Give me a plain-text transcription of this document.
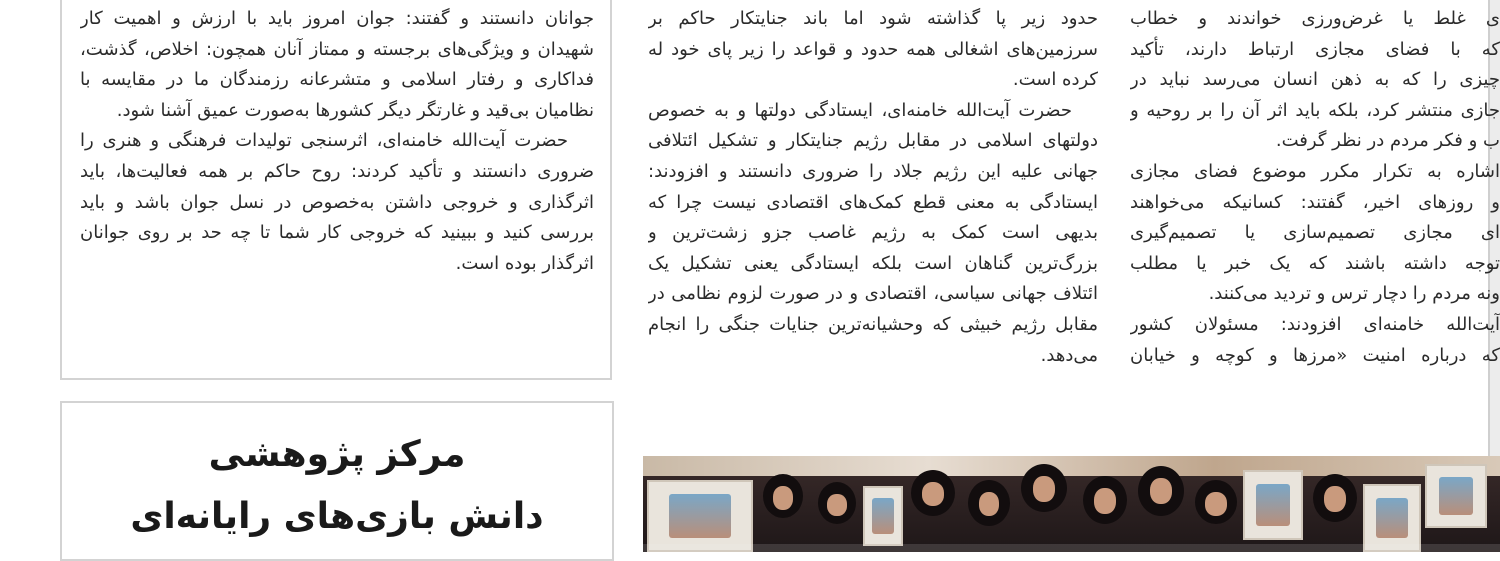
جوانان دانستند و گفتند: جوان امروز باید با ارزش و اهمیت کار شهیدان و ویژگی‌های برجسته و ممتاز آنان همچون: اخلاص، گذشت، فداکاری و رفتار اسلامی و متشرعانه رزمندگان ما در مقایسه با نظامیان بی‌قید و غارتگر دیگر کشورها به‌صورت عمیق آشنا شود.

حضرت آیت‌الله خامنه‌ای، اثرسنجی تولیدات فرهنگی و هنری را ضروری دانستند و تأکید کردند: روح حاکم بر همه فعالیت‌ها، باید اثرگذاری و خروجی داشتن به‌خصوص در نسل جوان باشد و باید بررسی کنید و ببینید که خروجی کار شما تا چه حد بر روی جوانان اثرگذار بوده است.

حدود زیر پا گذاشته شود اما باند جنایتکار حاکم بر سرزمین‌های اشغالی همه حدود و قواعد را زیر پای خود له کرده است.

حضرت آیت‌الله خامنه‌ای، ایستادگی دولتها و به خصوص دولتهای اسلامی در مقابل رژیم جنایتکار و تشکیل ائتلافی جهانی علیه این رژیم جلاد را ضروری دانستند و افزودند: ایستادگی به معنی قطع کمک‌های اقتصادی نیست چرا که بدیهی است کمک به رژیم غاصب جزو زشت‌ترین و بزرگ‌ترین گناهان است بلکه ایستادگی یعنی تشکیل یک ائتلاف جهانی سیاسی، اقتصادی و در صورت لزوم نظامی در مقابل رژیم خبیثی که وحشیانه‌ترین جنایات جنگی را انجام می‌دهد.

ی غلط یا غرض‌ورزی خواندند و خطاب

که با فضای مجازی ارتباط دارند، تأکید

چیزی را که به ذهن انسان می‌رسد نباید در

جازی منتشر کرد، بلکه باید اثر آن را بر روحیه و

ب و فکر مردم در نظر گرفت.

اشاره به تکرار مکرر موضوع فضای مجازی

و روزهای اخیر، گفتند: کسانیکه می‌خواهند

ای مجازی تصمیم‌سازی یا تصمیم‌گیری

توجه داشته باشند که یک خبر یا مطلب

ونه مردم را دچار ترس و تردید می‌کنند.

آیت‌الله خامنه‌ای افزودند: مسئولان کشور

که درباره امنیت «مرزها و کوچه و خیابان

مرکز پژوهشی
دانش بازی‌های رایانه‌ای
